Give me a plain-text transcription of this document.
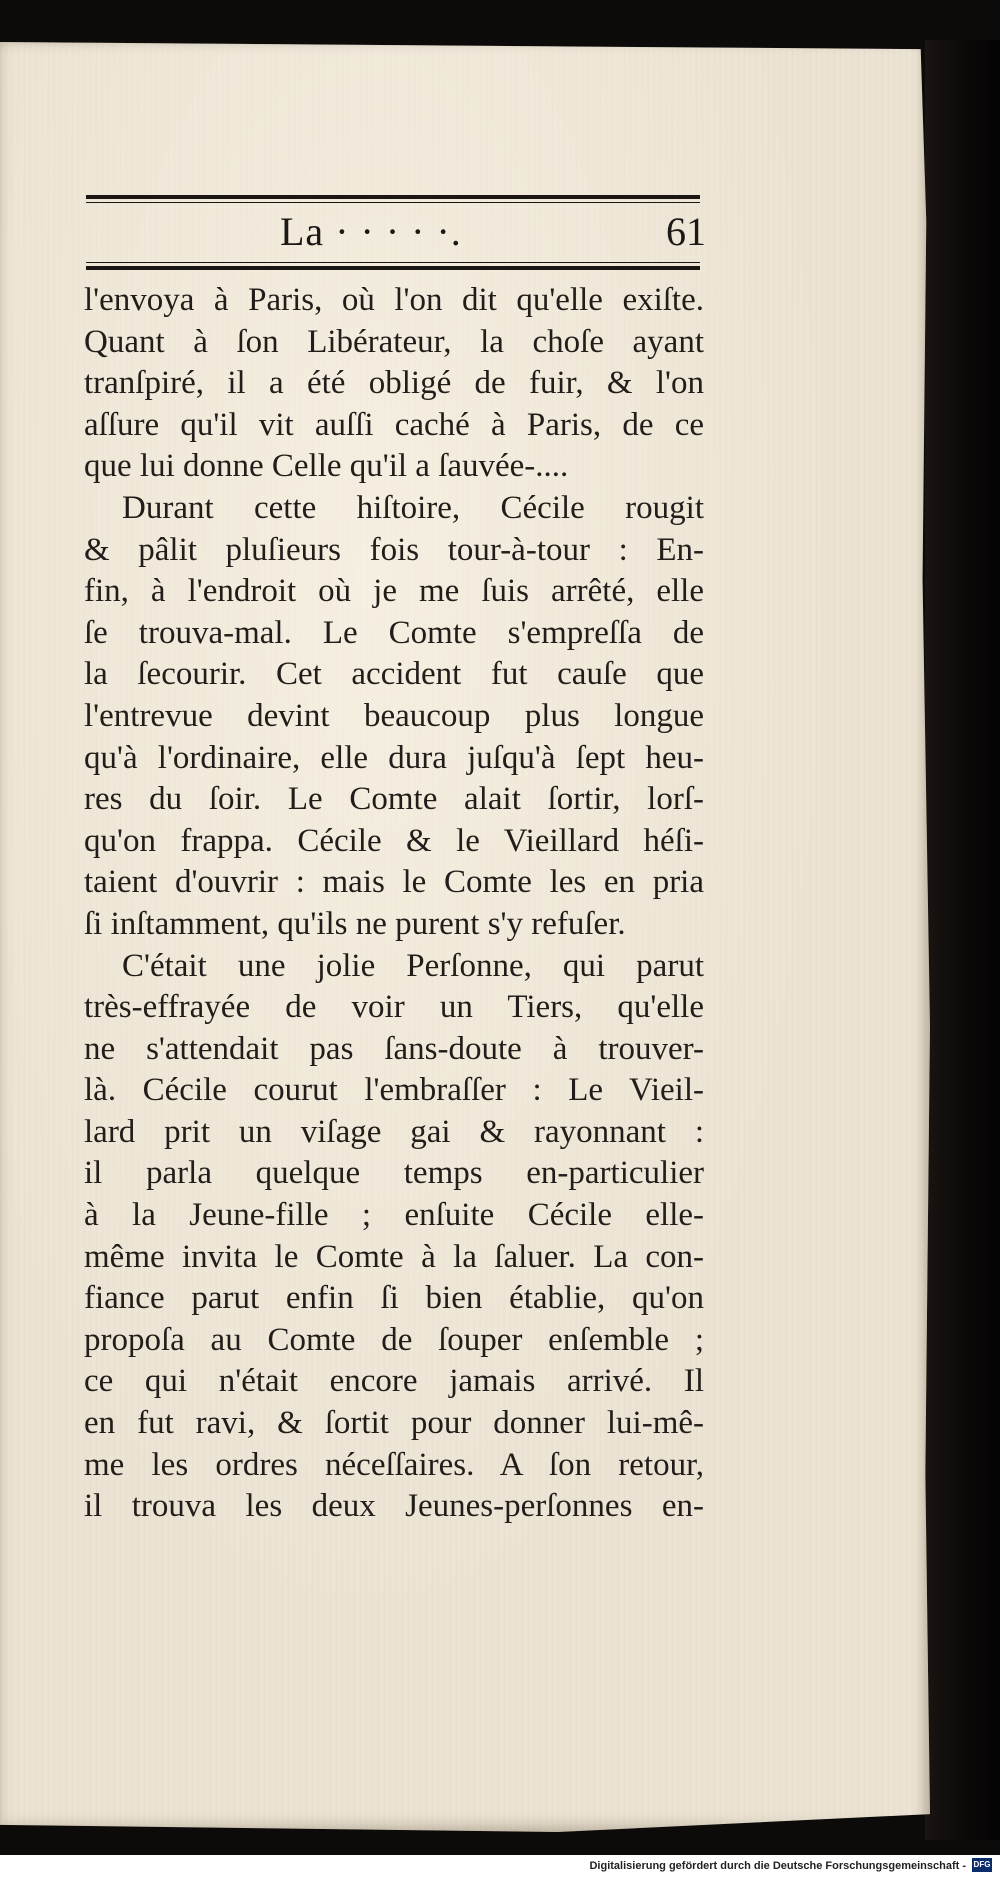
La · · · · ·.	61
l'envoya à Paris, où l'on dit qu'elle exiſte.
Quant à ſon Libérateur, la choſe ayant
tranſpiré, il a été obligé de fuir, & l'on
aſſure qu'il vit auſſi caché à Paris, de ce
que lui donne Celle qu'il a ſauvée-....
Durant cette hiſtoire, Cécile rougit
& pâlit pluſieurs fois tour-à-tour : En-
fin, à l'endroit où je me ſuis arrêté, elle
ſe trouva-mal. Le Comte s'empreſſa de
la ſecourir. Cet accident fut cauſe que
l'entrevue devint beaucoup plus longue
qu'à l'ordinaire, elle dura juſqu'à ſept heu-
res du ſoir. Le Comte alait ſortir, lorſ-
qu'on frappa. Cécile & le Vieillard héſi-
taient d'ouvrir : mais le Comte les en pria
ſi inſtamment, qu'ils ne purent s'y refuſer.
C'était une jolie Perſonne, qui parut
très-effrayée de voir un Tiers, qu'elle
ne s'attendait pas ſans-doute à trouver-
là. Cécile courut l'embraſſer : Le Vieil-
lard prit un viſage gai & rayonnant :
il parla quelque temps en-particulier
à la Jeune-fille ; enſuite Cécile elle-
même invita le Comte à la ſaluer. La con-
fiance parut enfin ſi bien établie, qu'on
propoſa au Comte de ſouper enſemble ;
ce qui n'était encore jamais arrivé. Il
en fut ravi, & ſortit pour donner lui-mê-
me les ordres néceſſaires. A ſon retour,
il trouva les deux Jeunes-perſonnes en-
Digitalisierung gefördert durch die Deutsche Forschungsgemeinschaft - DFG
